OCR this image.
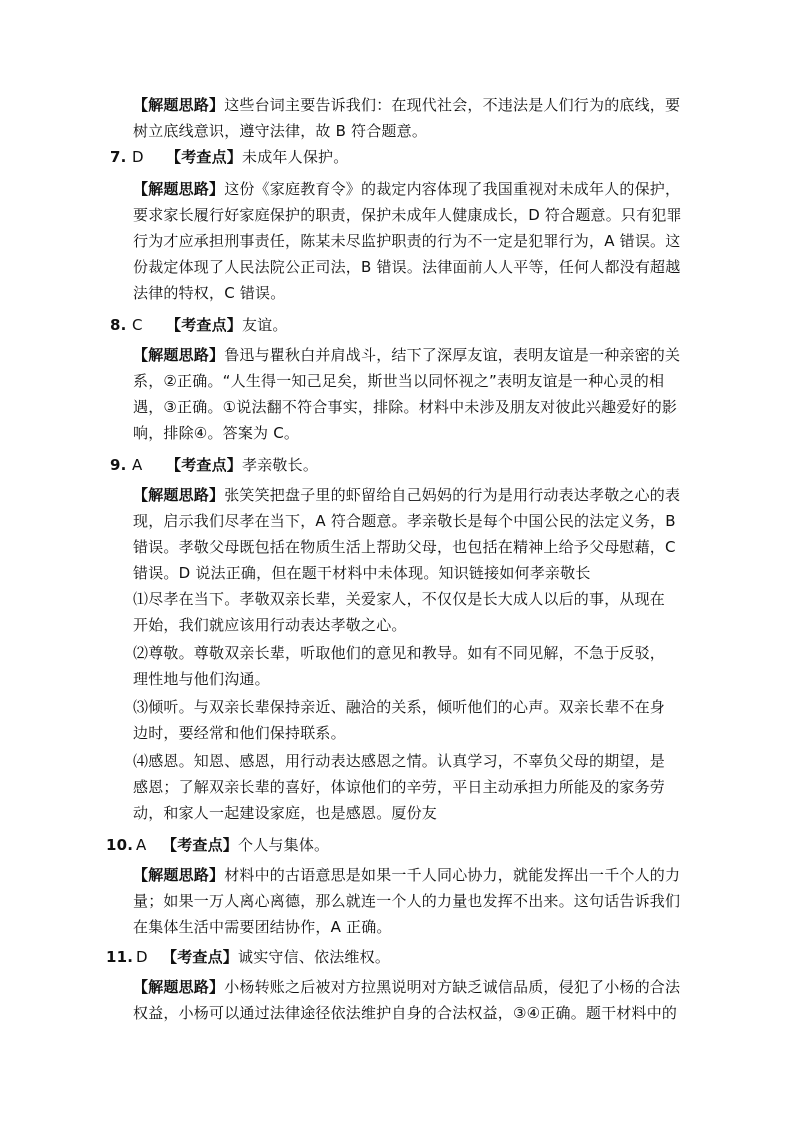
【解题思路】这些台词主要告诉我们：在现代社会，不违法是人们行为的底线，要
树立底线意识，遵守法律，故 B 符合题意。
7. D 【考查点】未成年人保护。
【解题思路】这份《家庭教育令》的裁定内容体现了我国重视对未成年人的保护，
要求家长履行好家庭保护的职责，保护未成年人健康成长，D 符合题意。只有犯罪
行为才应承担刑事责任，陈某未尽监护职责的行为不一定是犯罪行为，A 错误。这
份裁定体现了人民法院公正司法，B 错误。法律面前人人平等，任何人都没有超越
法律的特权，C 错误。
8. C 【考查点】友谊。
【解题思路】鲁迅与瞿秋白并肩战斗，结下了深厚友谊，表明友谊是一种亲密的关
系，②正确。“人生得一知己足矣，斯世当以同怀视之”表明友谊是一种心灵的相
遇，③正确。①说法翻不符合事实，排除。材料中未涉及朋友对彼此兴趣爱好的影
响，排除④。答案为 C。
9. A 【考查点】孝亲敬长。
【解题思路】张笑笑把盘子里的虾留给自己妈妈的行为是用行动表达孝敬之心的表
现，启示我们尽孝在当下，A 符合题意。孝亲敬长是每个中国公民的法定义务，B
错误。孝敬父母既包括在物质生活上帮助父母，也包括在精神上给予父母慰藉，C
错误。D 说法正确，但在题干材料中未体现。知识链接如何孝亲敬长
⑴尽孝在当下。孝敬双亲长辈，关爱家人，不仅仅是长大成人以后的事，从现在
开始，我们就应该用行动表达孝敬之心。
⑵尊敬。尊敬双亲长辈，听取他们的意见和教导。如有不同见解，不急于反驳，
理性地与他们沟通。
⑶倾听。与双亲长辈保持亲近、融洽的关系，倾听他们的心声。双亲长辈不在身
边时，要经常和他们保持联系。
⑷感恩。知恩、感恩，用行动表达感恩之情。认真学习，不辜负父母的期望，是
感恩；了解双亲长辈的喜好，体谅他们的辛劳，平日主动承担力所能及的家务劳
动，和家人一起建设家庭，也是感恩。厦份友
10. A 【考查点】个人与集体。
【解题思路】材料中的古语意思是如果一千人同心协力，就能发挥出一千个人的力
量；如果一万人离心离德，那么就连一个人的力量也发挥不出来。这句话告诉我们
在集体生活中需要团结协作，A 正确。
11. D 【考查点】诚实守信、依法维权。
【解题思路】小杨转账之后被对方拉黑说明对方缺乏诚信品质，侵犯了小杨的合法
权益，小杨可以通过法律途径依法维护自身的合法权益，③④正确。题干材料中的
